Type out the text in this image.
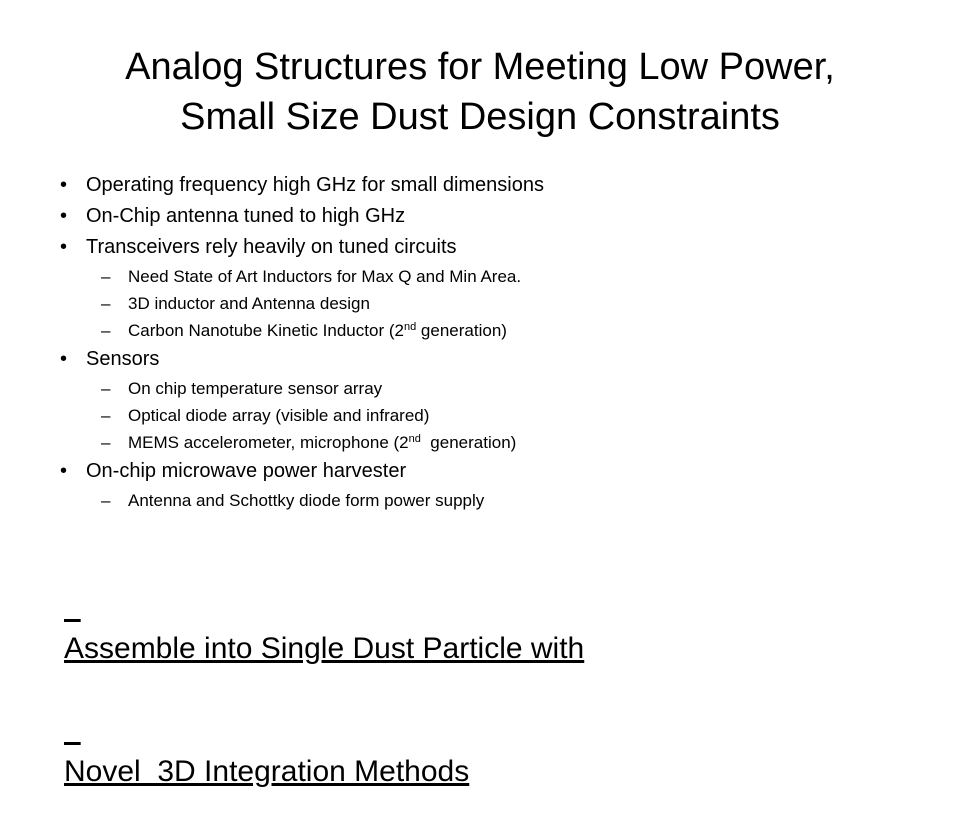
Analog Structures for Meeting Low Power,
Small Size Dust Design Constraints
• Operating frequency high GHz for small dimensions
• On-Chip antenna tuned to high GHz
• Transceivers rely heavily on tuned circuits
– Need State of Art Inductors for Max Q and Min Area.
– 3D inductor and Antenna design
– Carbon Nanotube Kinetic Inductor (2nd generation)
• Sensors
– On chip temperature sensor array
– Optical diode array (visible and infrared)
– MEMS accelerometer, microphone (2nd  generation)
• On-chip microwave power harvester
– Antenna and Schottky diode form power supply

Assemble into Single Dust Particle with

Novel  3D Integration Methods
